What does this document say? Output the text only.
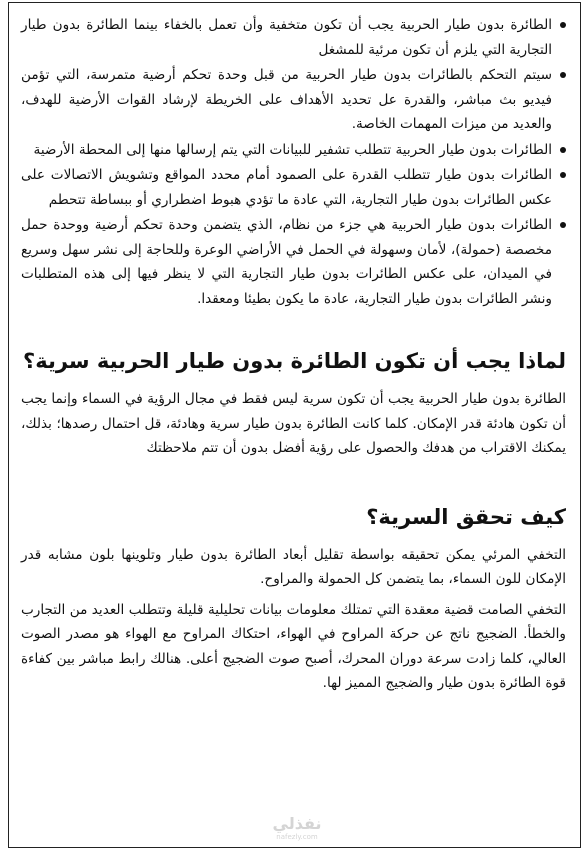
الطائرة بدون طيار الحربية يجب أن تكون متخفية وأن تعمل بالخفاء بينما الطائرة بدون طيار التجارية التي يلزم أن تكون مرئية للمشغل
سيتم التحكم بالطائرات بدون طيار الحربية من قبل وحدة تحكم أرضية متمرسة، التي تؤمن فيديو بث مباشر، والقدرة عل تحديد الأهداف على الخريطة لإرشاد القوات الأرضية للهدف، والعديد من ميزات المهمات الخاصة.
الطائرات بدون طيار الحربية تتطلب تشفير للبيانات التي يتم إرسالها منها إلى المحطة الأرضية
الطائرات بدون طيار تتطلب القدرة على الصمود أمام محدد المواقع وتشويش الاتصالات على عكس الطائرات بدون طيار التجارية، التي عادة ما تؤدي هبوط اضطراري أو ببساطة تتحطم
الطائرات بدون طيار الحربية هي جزء من نظام، الذي يتضمن وحدة تحكم أرضية ووحدة حمل مخصصة (حمولة)، لأمان وسهولة في الحمل في الأراضي الوعرة وللحاجة إلى نشر سهل وسريع في الميدان، على عكس الطائرات بدون طيار التجارية التي لا ينظر فيها إلى هذه المتطلبات ونشر الطائرات بدون طيار التجارية، عادة ما يكون بطيئا ومعقدا.
لماذا يجب أن تكون الطائرة بدون طيار الحربية سرية؟

الطائرة بدون طيار الحربية يجب أن تكون سرية ليس فقط في مجال الرؤية في السماء وإنما يجب أن تكون هادئة قدر الإمكان. كلما كانت الطائرة بدون طيار سرية وهادئة، قل احتمال رصدها؛ بذلك، يمكنك الاقتراب من هدفك والحصول على رؤية أفضل بدون أن تتم ملاحظتك

كيف تحقق السرية؟

التخفي المرئي يمكن تحقيقه بواسطة تقليل أبعاد الطائرة بدون طيار وتلوينها بلون مشابه قدر الإمكان للون السماء، بما يتضمن كل الحمولة والمراوح.

التخفي الصامت قضية معقدة التي تمتلك معلومات بيانات تحليلية قليلة وتتطلب العديد من التجارب والخطأ. الضجيج ناتج عن حركة المراوح في الهواء، احتكاك المراوح مع الهواء هو مصدر الصوت العالي، كلما زادت سرعة دوران المحرك، أصبح صوت الضجيج أعلى. هنالك رابط مباشر بين كفاءة قوة الطائرة بدون طيار والضجيج المميز لها.

نفذلي
nafezly.com
